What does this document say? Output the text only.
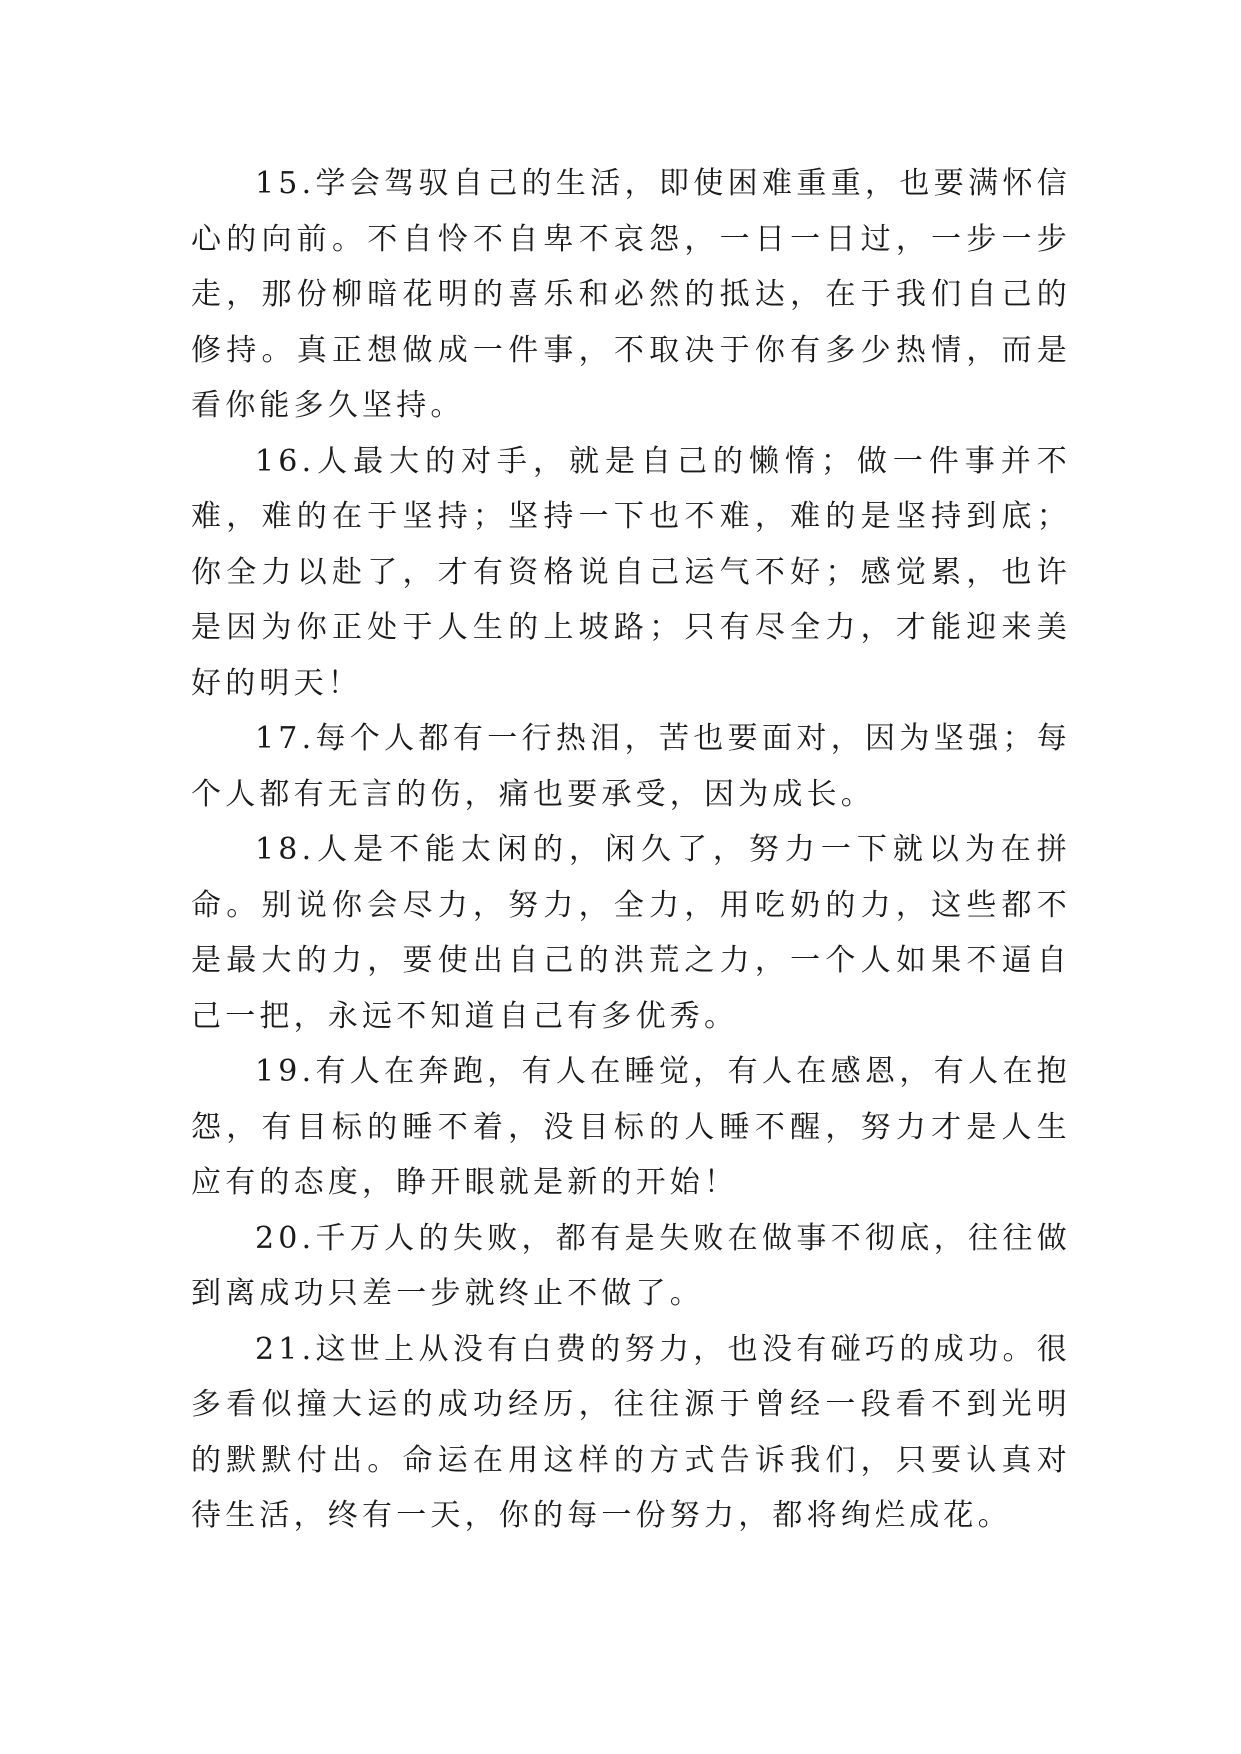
15.学会驾驭自己的生活，即使困难重重，也要满怀信心的向前。不自怜不自卑不哀怨，一日一日过，一步一步走，那份柳暗花明的喜乐和必然的抵达，在于我们自己的修持。真正想做成一件事，不取决于你有多少热情，而是看你能多久坚持。

16.人最大的对手，就是自己的懒惰；做一件事并不难，难的在于坚持；坚持一下也不难，难的是坚持到底；你全力以赴了，才有资格说自己运气不好；感觉累，也许是因为你正处于人生的上坡路；只有尽全力，才能迎来美好的明天！

17.每个人都有一行热泪，苦也要面对，因为坚强；每个人都有无言的伤，痛也要承受，因为成长。

18.人是不能太闲的，闲久了，努力一下就以为在拼命。别说你会尽力，努力，全力，用吃奶的力，这些都不是最大的力，要使出自己的洪荒之力，一个人如果不逼自己一把，永远不知道自己有多优秀。

19.有人在奔跑，有人在睡觉，有人在感恩，有人在抱怨，有目标的睡不着，没目标的人睡不醒，努力才是人生应有的态度，睁开眼就是新的开始！

20.千万人的失败，都有是失败在做事不彻底，往往做到离成功只差一步就终止不做了。

21.这世上从没有白费的努力，也没有碰巧的成功。很多看似撞大运的成功经历，往往源于曾经一段看不到光明的默默付出。命运在用这样的方式告诉我们，只要认真对待生活，终有一天，你的每一份努力，都将绚烂成花。
